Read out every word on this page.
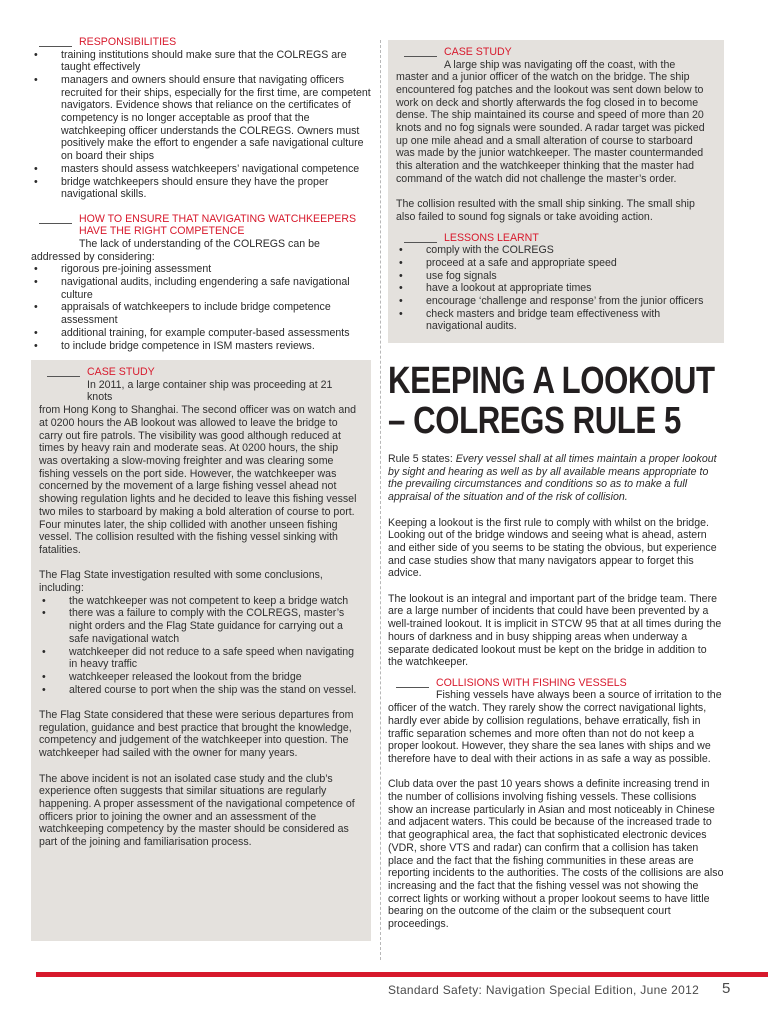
RESPONSIBILITIES
• training institutions should make sure that the COLREGS are taught effectively
• managers and owners should ensure that navigating officers recruited for their ships, especially for the first time, are competent navigators. Evidence shows that reliance on the certificates of competency is no longer acceptable as proof that the watchkeeping officer understands the COLREGS. Owners must positively make the effort to engender a safe navigational culture on board their ships
• masters should assess watchkeepers’ navigational competence
• bridge watchkeepers should ensure they have the proper navigational skills.
HOW TO ENSURE THAT NAVIGATING WATCHKEEPERS HAVE THE RIGHT COMPETENCE

The lack of understanding of the COLREGS can be

addressed by considering:

• rigorous pre-joining assessment
• navigational audits, including engendering a safe navigational culture
• appraisals of watchkeepers to include bridge competence assessment
• additional training, for example computer-based assessments
• to include bridge competence in ISM masters reviews.
CASE STUDY

In 2011, a large container ship was proceeding at 21 knots

from Hong Kong to Shanghai. The second officer was on watch and at 0200 hours the AB lookout was allowed to leave the bridge to carry out fire patrols. The visibility was good although reduced at times by heavy rain and moderate seas. At 0200 hours, the ship was overtaking a slow-moving freighter and was clearing some fishing vessels on the port side. However, the watchkeeper was concerned by the movement of a large fishing vessel ahead not showing regulation lights and he decided to leave this fishing vessel two miles to starboard by making a bold alteration of course to port. Four minutes later, the ship collided with another unseen fishing vessel. The collision resulted with the fishing vessel sinking with fatalities.

The Flag State investigation resulted with some conclusions, including:

• the watchkeeper was not competent to keep a bridge watch
• there was a failure to comply with the COLREGS, master’s night orders and the Flag State guidance for carrying out a safe navigational watch
• watchkeeper did not reduce to a safe speed when navigating in heavy traffic
• watchkeeper released the lookout from the bridge
• altered course to port when the ship was the stand on vessel.

The Flag State considered that these were serious departures from regulation, guidance and best practice that brought the knowledge, competency and judgement of the watchkeeper into question. The watchkeeper had sailed with the owner for many years.

The above incident is not an isolated case study and the club’s experience often suggests that similar situations are regularly happening. A proper assessment of the navigational competence of officers prior to joining the owner and an assessment of the watchkeeping competency by the master should be considered as part of the joining and familiarisation process.

CASE STUDY

A large ship was navigating off the coast, with the

master and a junior officer of the watch on the bridge. The ship encountered fog patches and the lookout was sent down below to work on deck and shortly afterwards the fog closed in to become dense. The ship maintained its course and speed of more than 20 knots and no fog signals were sounded. A radar target was picked up one mile ahead and a small alteration of course to starboard was made by the junior watchkeeper. The master countermanded this alteration and the watchkeeper thinking that the master had command of the watch did not challenge the master’s order.

The collision resulted with the small ship sinking. The small ship also failed to sound fog signals or take avoiding action.

LESSONS LEARNT
• comply with the COLREGS
• proceed at a safe and appropriate speed
• use fog signals
• have a lookout at appropriate times
• encourage ‘challenge and response’ from the junior officers
• check masters and bridge team effectiveness with navigational audits.
KEEPING A LOOKOUT
– COLREGS RULE 5

Rule 5 states: Every vessel shall at all times maintain a proper lookout by sight and hearing as well as by all available means appropriate to the prevailing circumstances and conditions so as to make a full appraisal of the situation and of the risk of collision.

Keeping a lookout is the first rule to comply with whilst on the bridge. Looking out of the bridge windows and seeing what is ahead, astern and either side of you seems to be stating the obvious, but experience and case studies show that many navigators appear to forget this advice.

The lookout is an integral and important part of the bridge team. There are a large number of incidents that could have been prevented by a well-trained lookout. It is implicit in STCW 95 that at all times during the hours of darkness and in busy shipping areas when underway a separate dedicated lookout must be kept on the bridge in addition to the watchkeeper.

COLLISIONS WITH FISHING VESSELS

Fishing vessels have always been a source of irritation to the

officer of the watch. They rarely show the correct navigational lights, hardly ever abide by collision regulations, behave erratically, fish in traffic separation schemes and more often than not do not keep a proper lookout. However, they share the sea lanes with ships and we therefore have to deal with their actions in as safe a way as possible.

Club data over the past 10 years shows a definite increasing trend in the number of collisions involving fishing vessels. These collisions show an increase particularly in Asian and most noticeably in Chinese and adjacent waters. This could be because of the increased trade to that geographical area, the fact that sophisticated electronic devices (VDR, shore VTS and radar) can confirm that a collision has taken place and the fact that the fishing communities in these areas are reporting incidents to the authorities. The costs of the collisions are also increasing and the fact that the fishing vessel was not showing the correct lights or working without a proper lookout seems to have little bearing on the outcome of the claim or the subsequent court proceedings.

Standard Safety: Navigation Special Edition, June 2012 5
